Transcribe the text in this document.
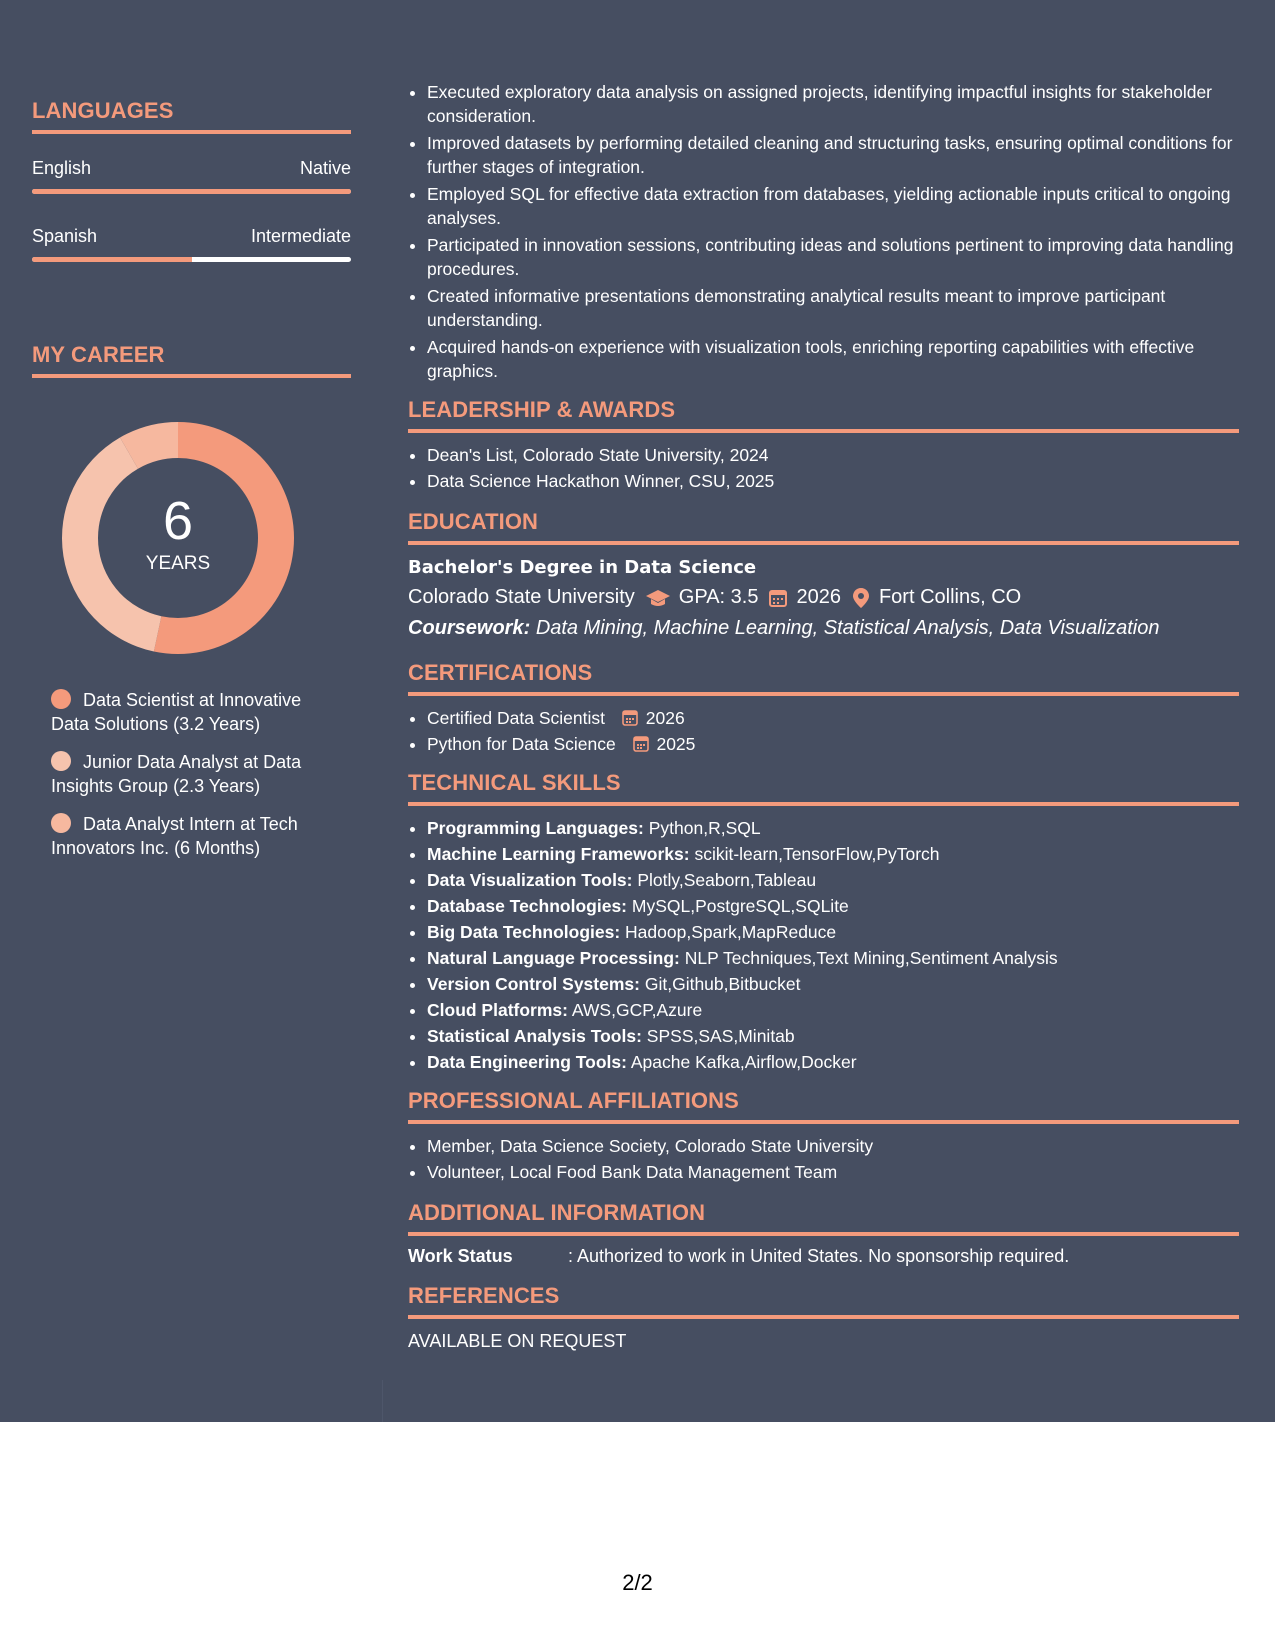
LANGUAGES
English	Native
Spanish	Intermediate
MY CAREER
6
YEARS
Data Scientist at Innovative Data Solutions (3.2 Years)
Junior Data Analyst at Data Insights Group (2.3 Years)
Data Analyst Intern at Tech Innovators Inc. (6 Months)
• Executed exploratory data analysis on assigned projects, identifying impactful insights for stakeholder consideration.
• Improved datasets by performing detailed cleaning and structuring tasks, ensuring optimal conditions for further stages of integration.
• Employed SQL for effective data extraction from databases, yielding actionable inputs critical to ongoing analyses.
• Participated in innovation sessions, contributing ideas and solutions pertinent to improving data handling procedures.
• Created informative presentations demonstrating analytical results meant to improve participant understanding.
• Acquired hands-on experience with visualization tools, enriching reporting capabilities with effective graphics.
LEADERSHIP & AWARDS
• Dean's List, Colorado State University, 2024
• Data Science Hackathon Winner, CSU, 2025
EDUCATION
Bachelor's Degree in Data Science
Colorado State University GPA: 3.5 2026 Fort Collins, CO
Coursework: Data Mining, Machine Learning, Statistical Analysis, Data Visualization
CERTIFICATIONS
• Certified Data Scientist 2026
• Python for Data Science 2025
TECHNICAL SKILLS
• Programming Languages: Python,R,SQL
• Machine Learning Frameworks: scikit-learn,TensorFlow,PyTorch
• Data Visualization Tools: Plotly,Seaborn,Tableau
• Database Technologies: MySQL,PostgreSQL,SQLite
• Big Data Technologies: Hadoop,Spark,MapReduce
• Natural Language Processing: NLP Techniques,Text Mining,Sentiment Analysis
• Version Control Systems: Git,Github,Bitbucket
• Cloud Platforms: AWS,GCP,Azure
• Statistical Analysis Tools: SPSS,SAS,Minitab
• Data Engineering Tools: Apache Kafka,Airflow,Docker
PROFESSIONAL AFFILIATIONS
• Member, Data Science Society, Colorado State University
• Volunteer, Local Food Bank Data Management Team
ADDITIONAL INFORMATION
Work Status	: Authorized to work in United States. No sponsorship required.
REFERENCES
AVAILABLE ON REQUEST
2/2
